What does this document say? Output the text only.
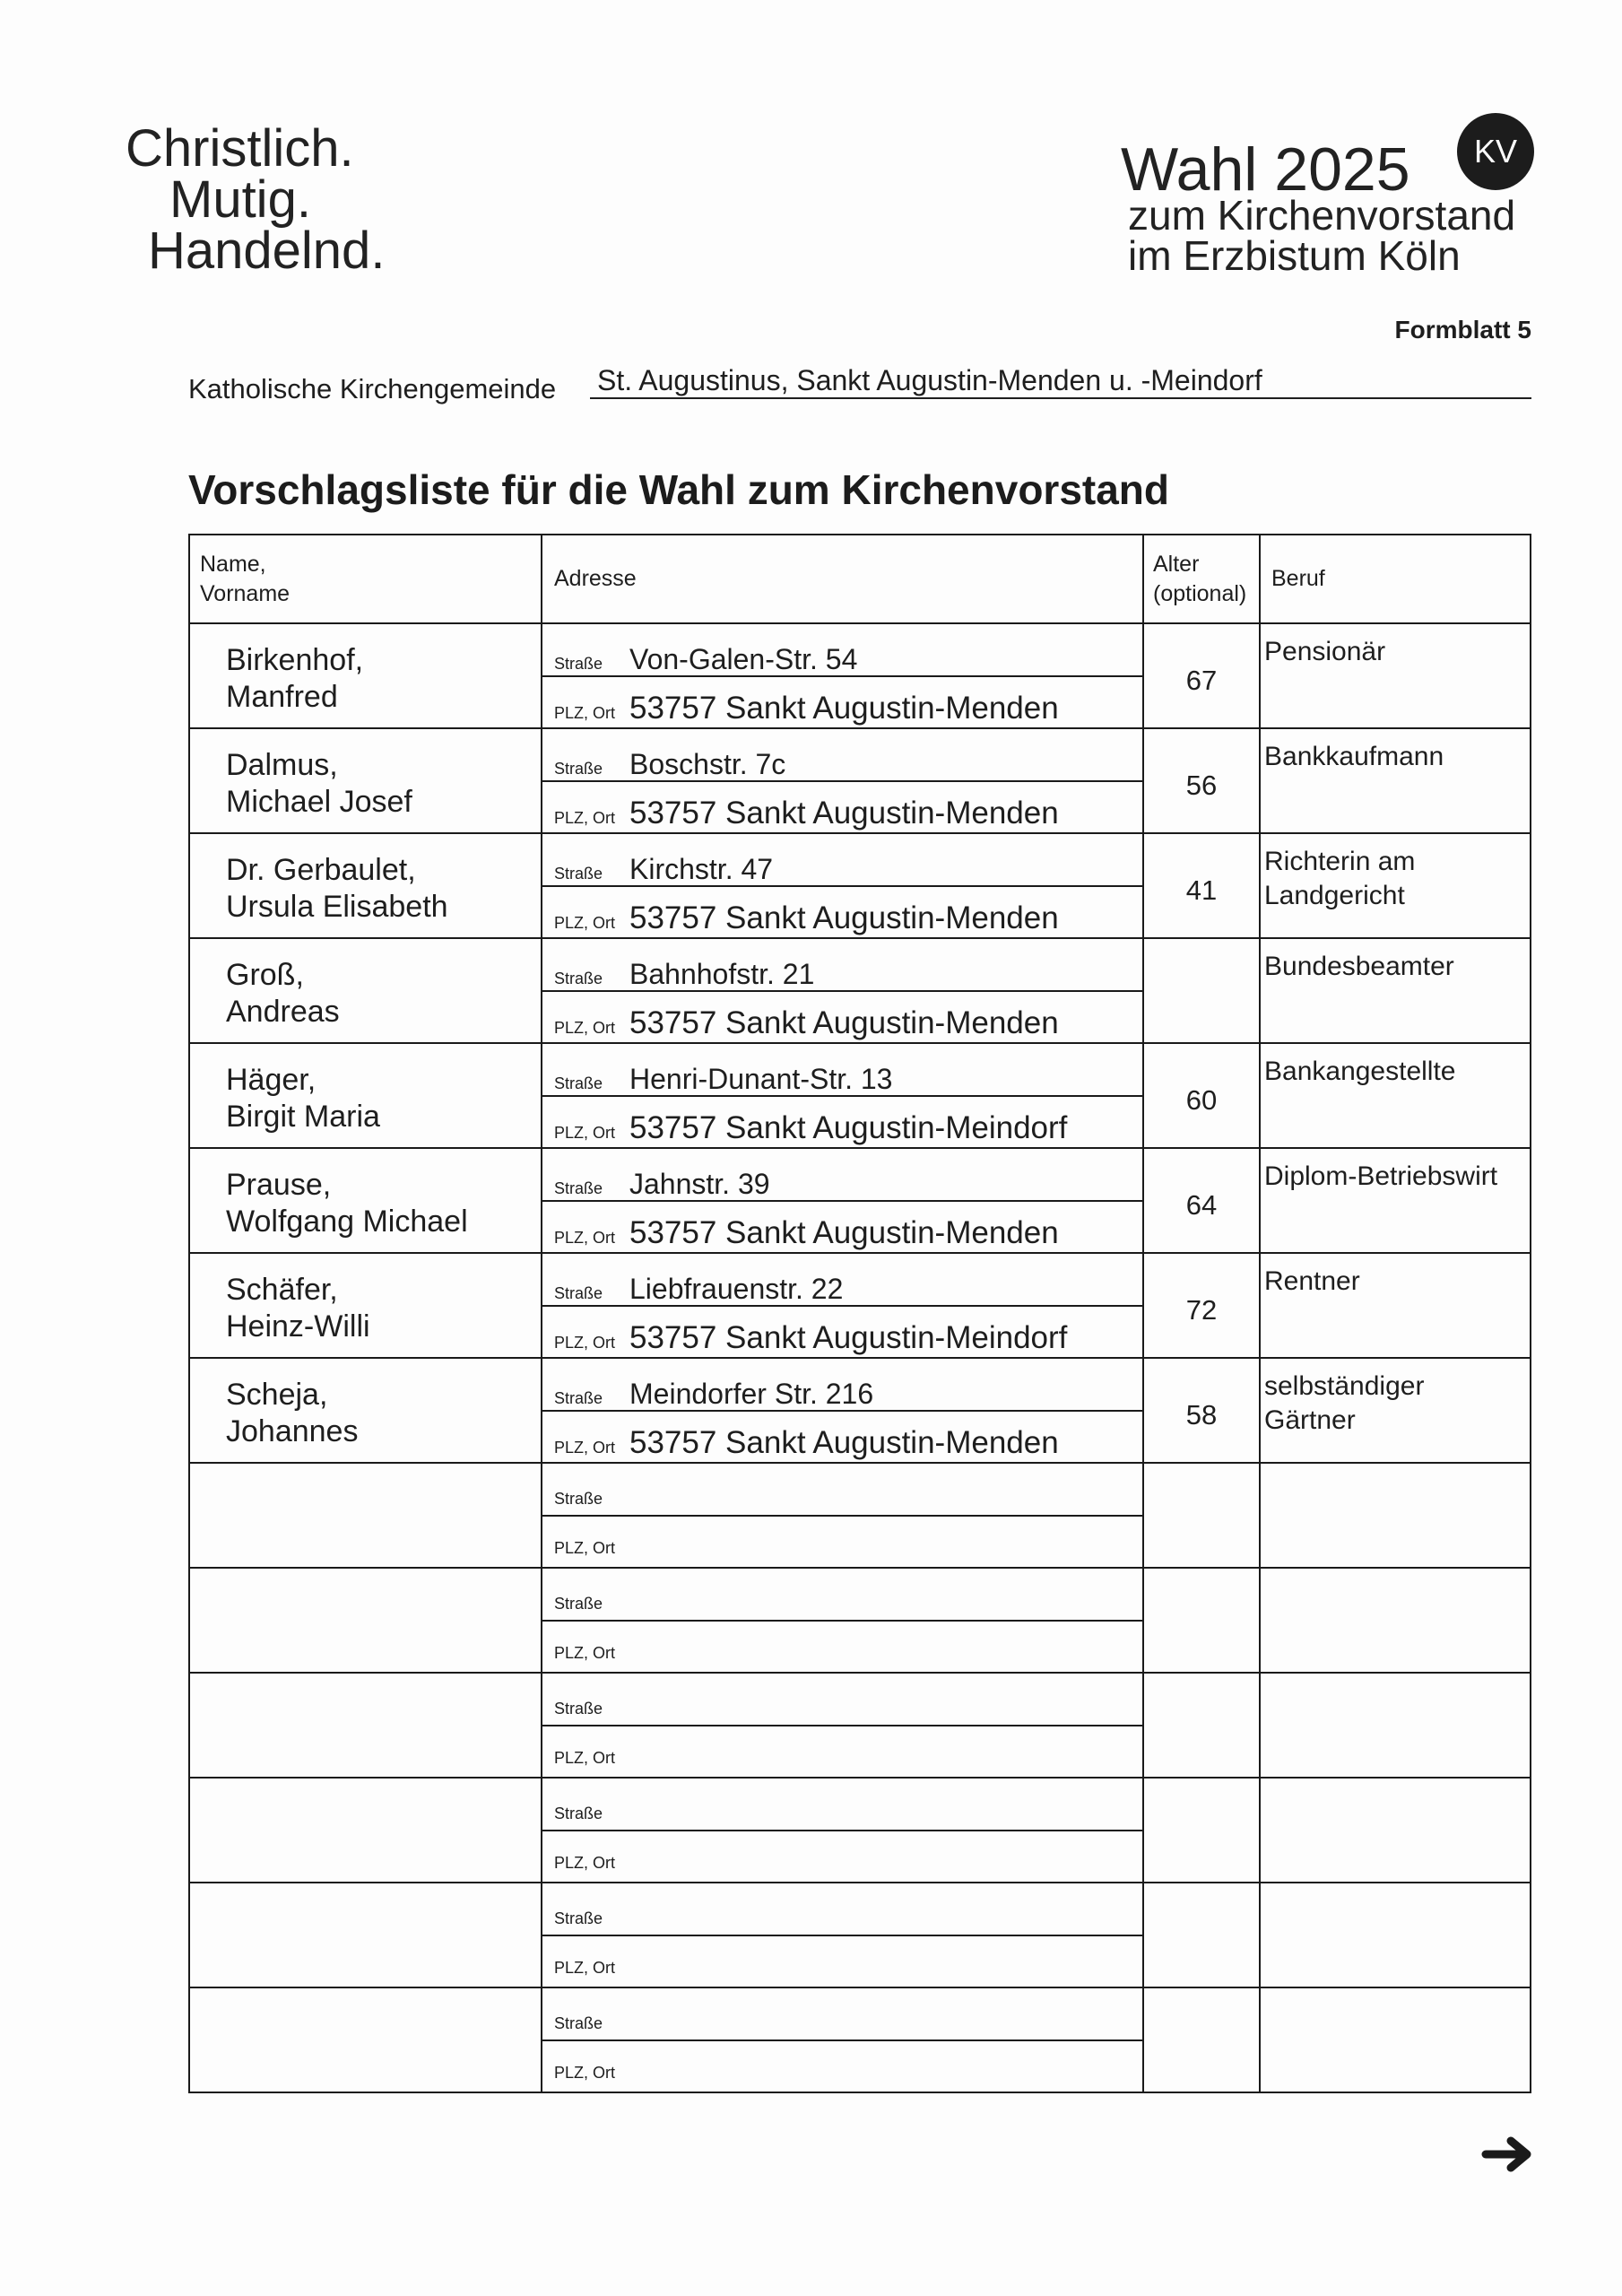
Christlich.
Mutig.
Handelnd.
Wahl 2025 KV
zum Kirchenvorstand
im Erzbistum Köln
Formblatt 5
Katholische Kirchengemeinde St. Augustinus, Sankt Augustin-Menden u. -Meindorf
Vorschlagsliste für die Wahl zum Kirchenvorstand
Name,
Vorname
Adresse
Alter
(optional)
Beruf
Birkenhof,
Manfred
Straße Von-Galen-Str. 54
PLZ, Ort 53757 Sankt Augustin-Menden
67
Pensionär
Dalmus,
Michael Josef
Straße Boschstr. 7c
PLZ, Ort 53757 Sankt Augustin-Menden
56
Bankkaufmann
Dr. Gerbaulet,
Ursula Elisabeth
Straße Kirchstr. 47
PLZ, Ort 53757 Sankt Augustin-Menden
41
Richterin am Landgericht
Groß,
Andreas
Straße Bahnhofstr. 21
PLZ, Ort 53757 Sankt Augustin-Menden
Bundesbeamter
Häger,
Birgit Maria
Straße Henri-Dunant-Str. 13
PLZ, Ort 53757 Sankt Augustin-Meindorf
60
Bankangestellte
Prause,
Wolfgang Michael
Straße Jahnstr. 39
PLZ, Ort 53757 Sankt Augustin-Menden
64
Diplom-Betriebswirt
Schäfer,
Heinz-Willi
Straße Liebfrauenstr. 22
PLZ, Ort 53757 Sankt Augustin-Meindorf
72
Rentner
Scheja,
Johannes
Straße Meindorfer Str. 216
PLZ, Ort 53757 Sankt Augustin-Menden
58
selbständiger Gärtner
Straße
PLZ, Ort
Straße
PLZ, Ort
Straße
PLZ, Ort
Straße
PLZ, Ort
Straße
PLZ, Ort
Straße
PLZ, Ort
